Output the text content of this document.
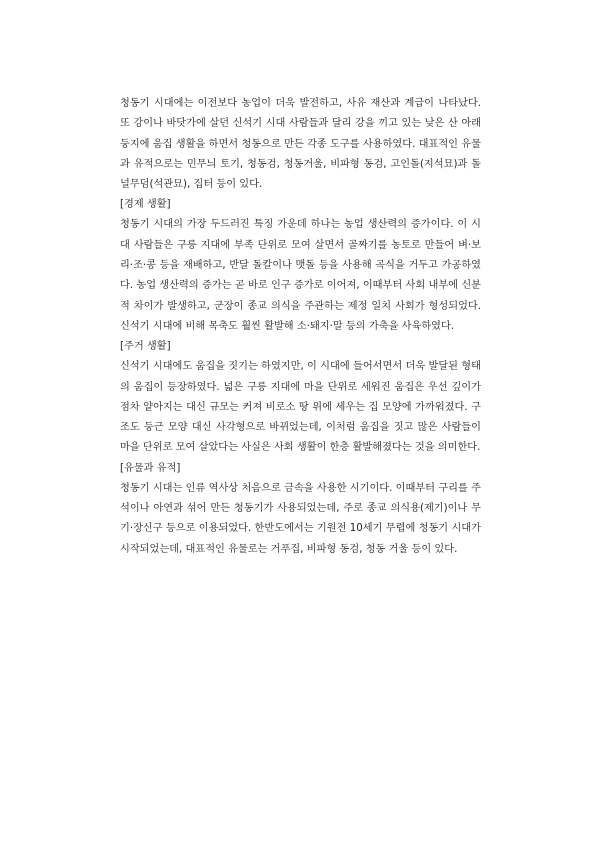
청동기 시대에는 이전보다 농업이 더욱 발전하고, 사유 재산과 계급이 나타났다. 또 강이나 바닷가에 살던 신석기 시대 사람들과 달리 강을 끼고 있는 낮은 산 아래 둥지에 움집 생활을 하면서 청동으로 만든 각종 도구를 사용하였다. 대표적인 유물과 유적으로는 민무늬 토기, 청동검, 청동거울, 비파형 동검, 고인돌(지석묘)과 돌널무덤(석관묘), 집터 등이 있다.

[경제 생활]

청동기 시대의 가장 두드러진 특징 가운데 하나는 농업 생산력의 증가이다. 이 시대 사람들은 구릉 지대에 부족 단위로 모여 살면서 골짜기를 농토로 만들어 벼·보리·조·콩 등을 재배하고, 반달 돌칼이나 맷돌 등을 사용해 곡식을 거두고 가공하였다. 농업 생산력의 증가는 곧 바로 인구 증가로 이어져, 이때부터 사회 내부에 신분적 차이가 발생하고, 군장이 종교 의식을 주관하는 제정 일치 사회가 형성되었다. 신석기 시대에 비해 목축도 훨씬 활발해 소·돼지·말 등의 가축을 사육하였다.

[주거 생활]

신석기 시대에도 움집을 짓기는 하였지만, 이 시대에 들어서면서 더욱 발달된 형태의 움집이 등장하였다. 넓은 구릉 지대에 마을 단위로 세워진 움집은 우선 깊이가 점차 얕아지는 대신 규모는 커져 비로소 땅 위에 세우는 집 모양에 가까워졌다. 구조도 둥근 모양 대신 사각형으로 바뀌었는데, 이처럼 움집을 짓고 많은 사람들이 마을 단위로 모여 살았다는 사실은 사회 생활이 한층 활발해졌다는 것을 의미한다.

[유물과 유적]

청동기 시대는 인류 역사상 처음으로 금속을 사용한 시기이다. 이때부터 구리를 주석이나 아연과 섞어 만든 청동기가 사용되었는데, 주로 종교 의식용(제기)이나 무기·장신구 등으로 이용되었다. 한반도에서는 기원전 10세기 무렵에 청동기 시대가 시작되었는데, 대표적인 유물로는 거푸집, 비파형 동검, 청동 거울 등이 있다.
